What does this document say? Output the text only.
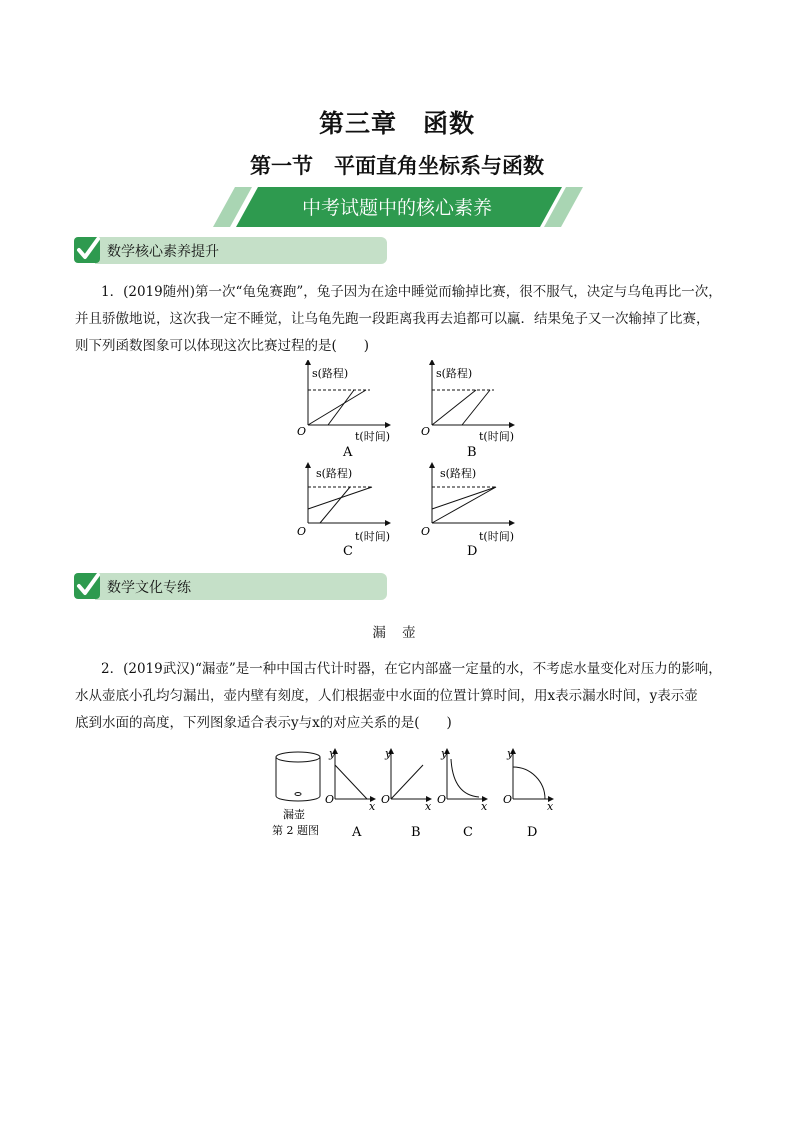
第三章　函数
第一节　平面直角坐标系与函数
中考试题中的核心素养
数学核心素养提升

1．(2019随州)第一次“龟兔赛跑”，兔子因为在途中睡觉而输掉比赛，很不服气，决定与乌龟再比一次，

并且骄傲地说，这次我一定不睡觉，让乌龟先跑一段距离我再去追都可以赢．结果兔子又一次输掉了比赛，

则下列函数图象可以体现这次比赛过程的是(　　)

s(路程)
t(时间)
O
A
s(路程)
t(时间)
O
B
s(路程)
t(时间)
O
C
s(路程)
t(时间)
O
D
数学文化专练
漏 壶

2．(2019武汉)“漏壶”是一种中国古代计时器，在它内部盛一定量的水，不考虑水量变化对压力的影响，

水从壶底小孔均匀漏出，壶内壁有刻度，人们根据壶中水面的位置计算时间，用x表示漏水时间，y表示壶

底到水面的高度，下列图象适合表示y与x的对应关系的是(　　)

漏壶
第 2 题图
y
x
O
A
y
x
O
B
y
x
O
C
y
x
O
D
